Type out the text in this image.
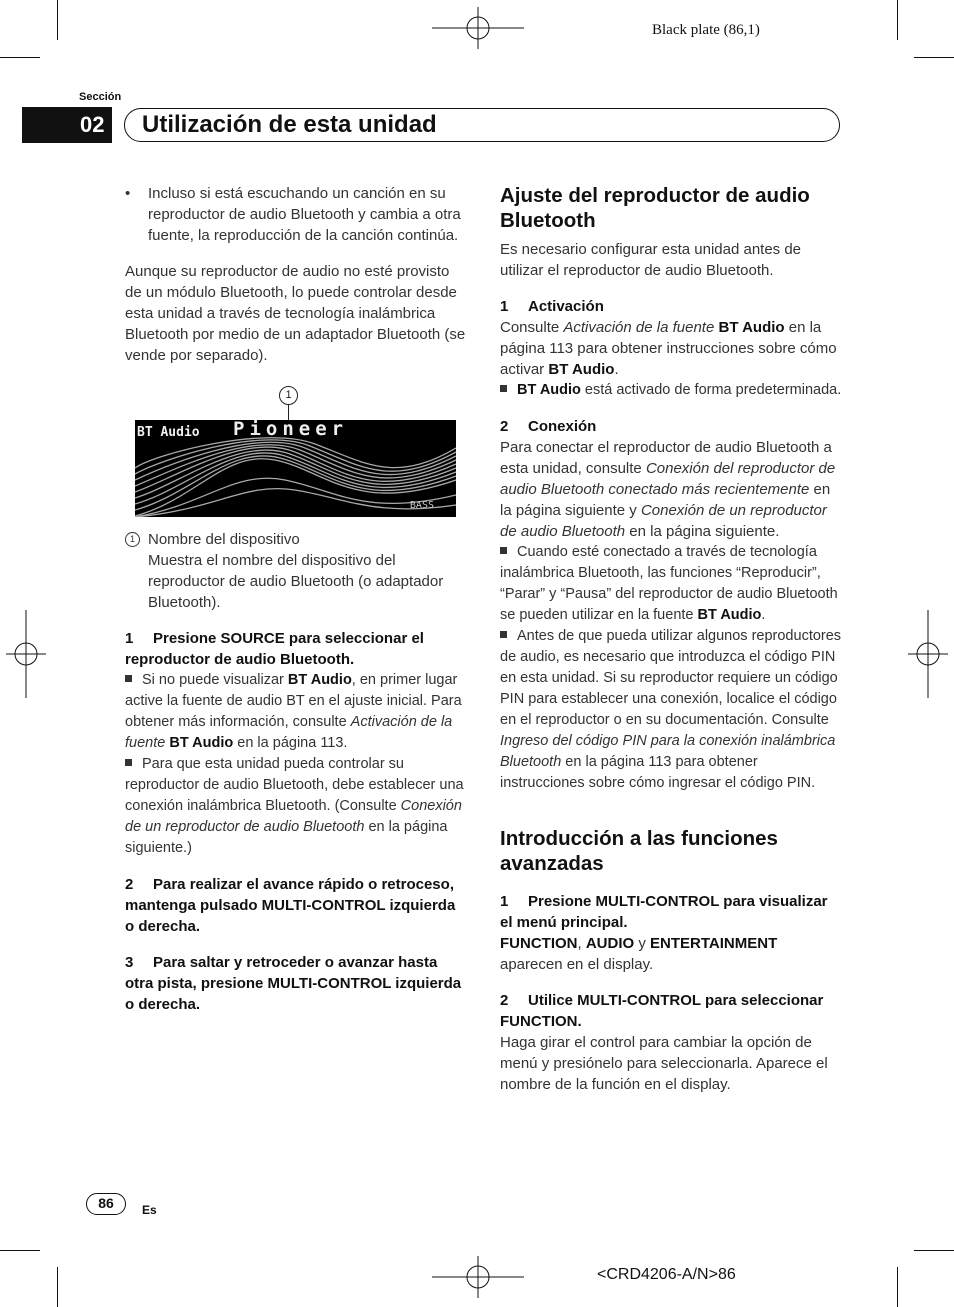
Black plate (86,1)
Sección
02	Utilización de esta unidad

• Incluso si está escuchando un canción en su reproductor de audio Bluetooth y cambia a otra fuente, la reproducción de la canción continúa.

Aunque su reproductor de audio no esté provisto de un módulo Bluetooth, lo puede controlar desde esta unidad a través de tecnología inalámbrica Bluetooth por medio de un adaptador Bluetooth (se vende por separado).

1
BT Audio Pioneer
BASS

1 Nombre del dispositivo
Muestra el nombre del dispositivo del reproductor de audio Bluetooth (o adaptador Bluetooth).

1 Presione SOURCE para seleccionar el reproductor de audio Bluetooth.

Si no puede visualizar BT Audio, en primer lugar active la fuente de audio BT en el ajuste inicial. Para obtener más información, consulte Activación de la fuente BT Audio en la página 113.

Para que esta unidad pueda controlar su reproductor de audio Bluetooth, debe establecer una conexión inalámbrica Bluetooth. (Consulte Conexión de un reproductor de audio Bluetooth en la página siguiente.)

2 Para realizar el avance rápido o retroceso, mantenga pulsado MULTI-CONTROL izquierda o derecha.

3 Para saltar y retroceder o avanzar hasta otra pista, presione MULTI-CONTROL izquierda o derecha.

Ajuste del reproductor de audio Bluetooth

Es necesario configurar esta unidad antes de utilizar el reproductor de audio Bluetooth.

1 Activación

Consulte Activación de la fuente BT Audio en la página 113 para obtener instrucciones sobre cómo activar BT Audio.

BT Audio está activado de forma predeterminada.

2 Conexión

Para conectar el reproductor de audio Bluetooth a esta unidad, consulte Conexión del reproductor de audio Bluetooth conectado más recientemente en la página siguiente y Conexión de un reproductor de audio Bluetooth en la página siguiente.

Cuando esté conectado a través de tecnología inalámbrica Bluetooth, las funciones “Reproducir”, “Parar” y “Pausa” del reproductor de audio Bluetooth se pueden utilizar en la fuente BT Audio.

Antes de que pueda utilizar algunos reproductores de audio, es necesario que introduzca el código PIN en esta unidad. Si su reproductor requiere un código PIN para establecer una conexión, localice el código en el reproductor o en su documentación. Consulte Ingreso del código PIN para la conexión inalámbrica Bluetooth en la página 113 para obtener instrucciones sobre cómo ingresar el código PIN.

Introducción a las funciones avanzadas

1 Presione MULTI-CONTROL para visualizar el menú principal.

FUNCTION, AUDIO y ENTERTAINMENT aparecen en el display.

2 Utilice MULTI-CONTROL para seleccionar FUNCTION.

Haga girar el control para cambiar la opción de menú y presiónelo para seleccionarla. Aparece el nombre de la función en el display.

86	Es
<CRD4206-A/N>86
